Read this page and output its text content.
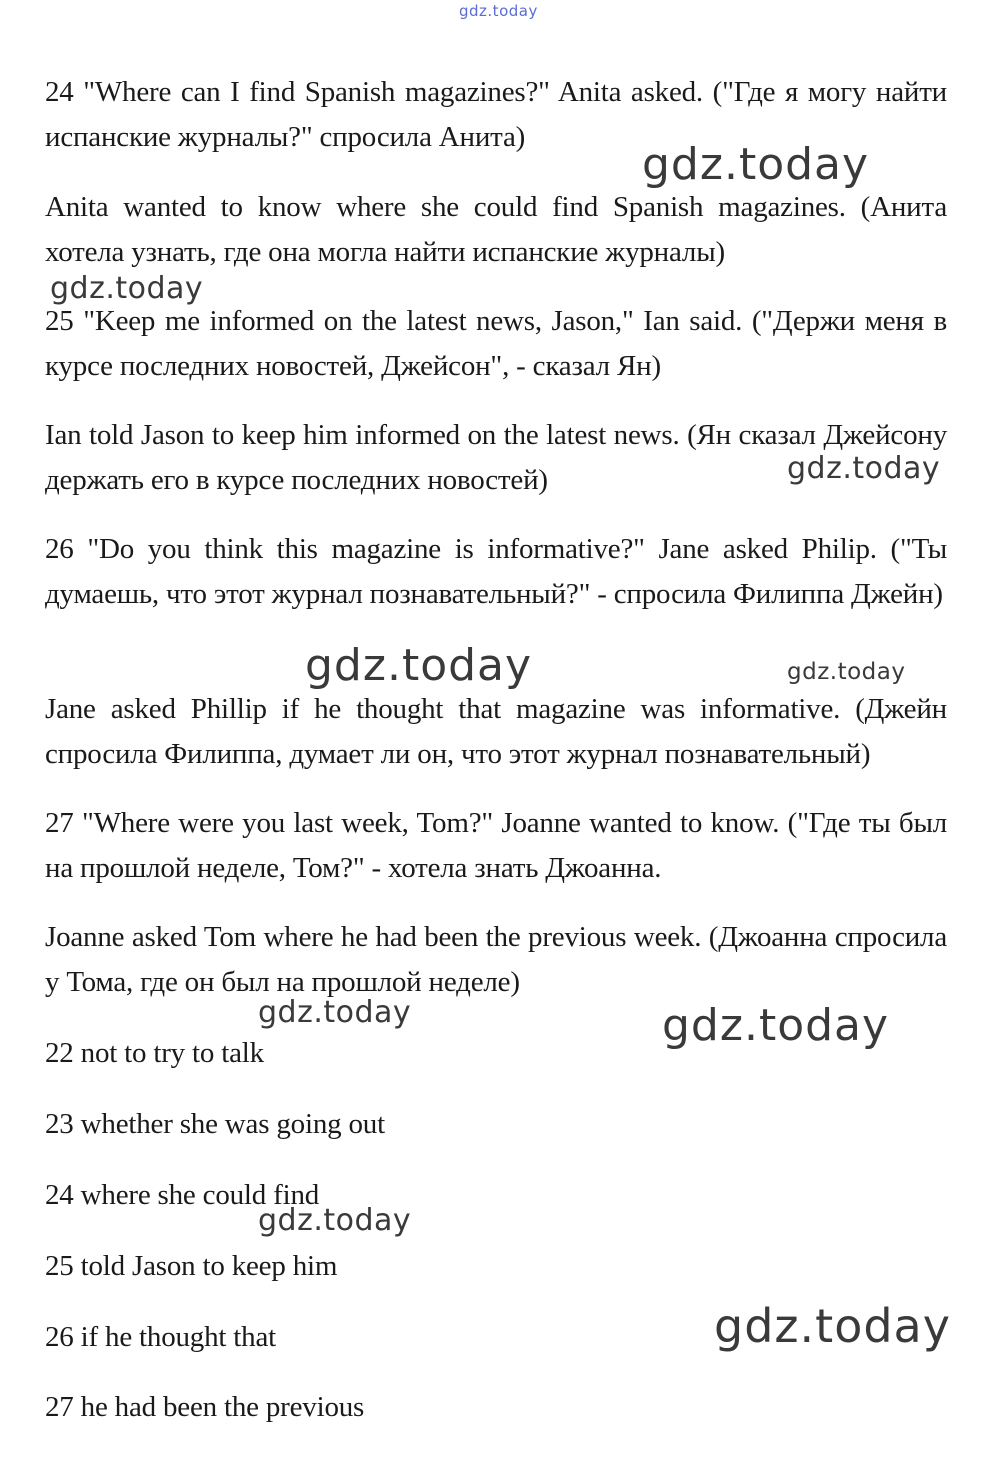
gdz.today

24 "Where can I find Spanish magazines?" Anita asked. ("Где я могу найти испанские журналы?" спросила Анита)

Anita wanted to know where she could find Spanish magazines. (Анита хотела узнать, где она могла найти испанские журналы)

25 "Keep me informed on the latest news, Jason," Ian said. ("Держи меня в курсе последних новостей, Джейсон", - сказал Ян)

Ian told Jason to keep him informed on the latest news. (Ян сказал Джейсону держать его в курсе последних новостей)

26 "Do you think this magazine is informative?" Jane asked Philip. ("Ты думаешь, что этот журнал познавательный?" - спросила Филиппа Джейн)

Jane asked Phillip if he thought that magazine was informative. (Джейн спросила Филиппа, думает ли он, что этот журнал познавательный)

27 "Where were you last week, Tom?" Joanne wanted to know. ("Где ты был на прошлой неделе, Том?" - хотела знать Джоанна.

Joanne asked Tom where he had been the previous week. (Джоанна спросила у Тома, где он был на прошлой неделе)

22 not to try to talk

23 whether she was going out

24 where she could find

25 told Jason to keep him

26 if he thought that

27 he had been the previous

gdz.today
gdz.today
gdz.today
gdz.today	gdz.today
gdz.today	gdz.today
gdz.today
gdz.today
